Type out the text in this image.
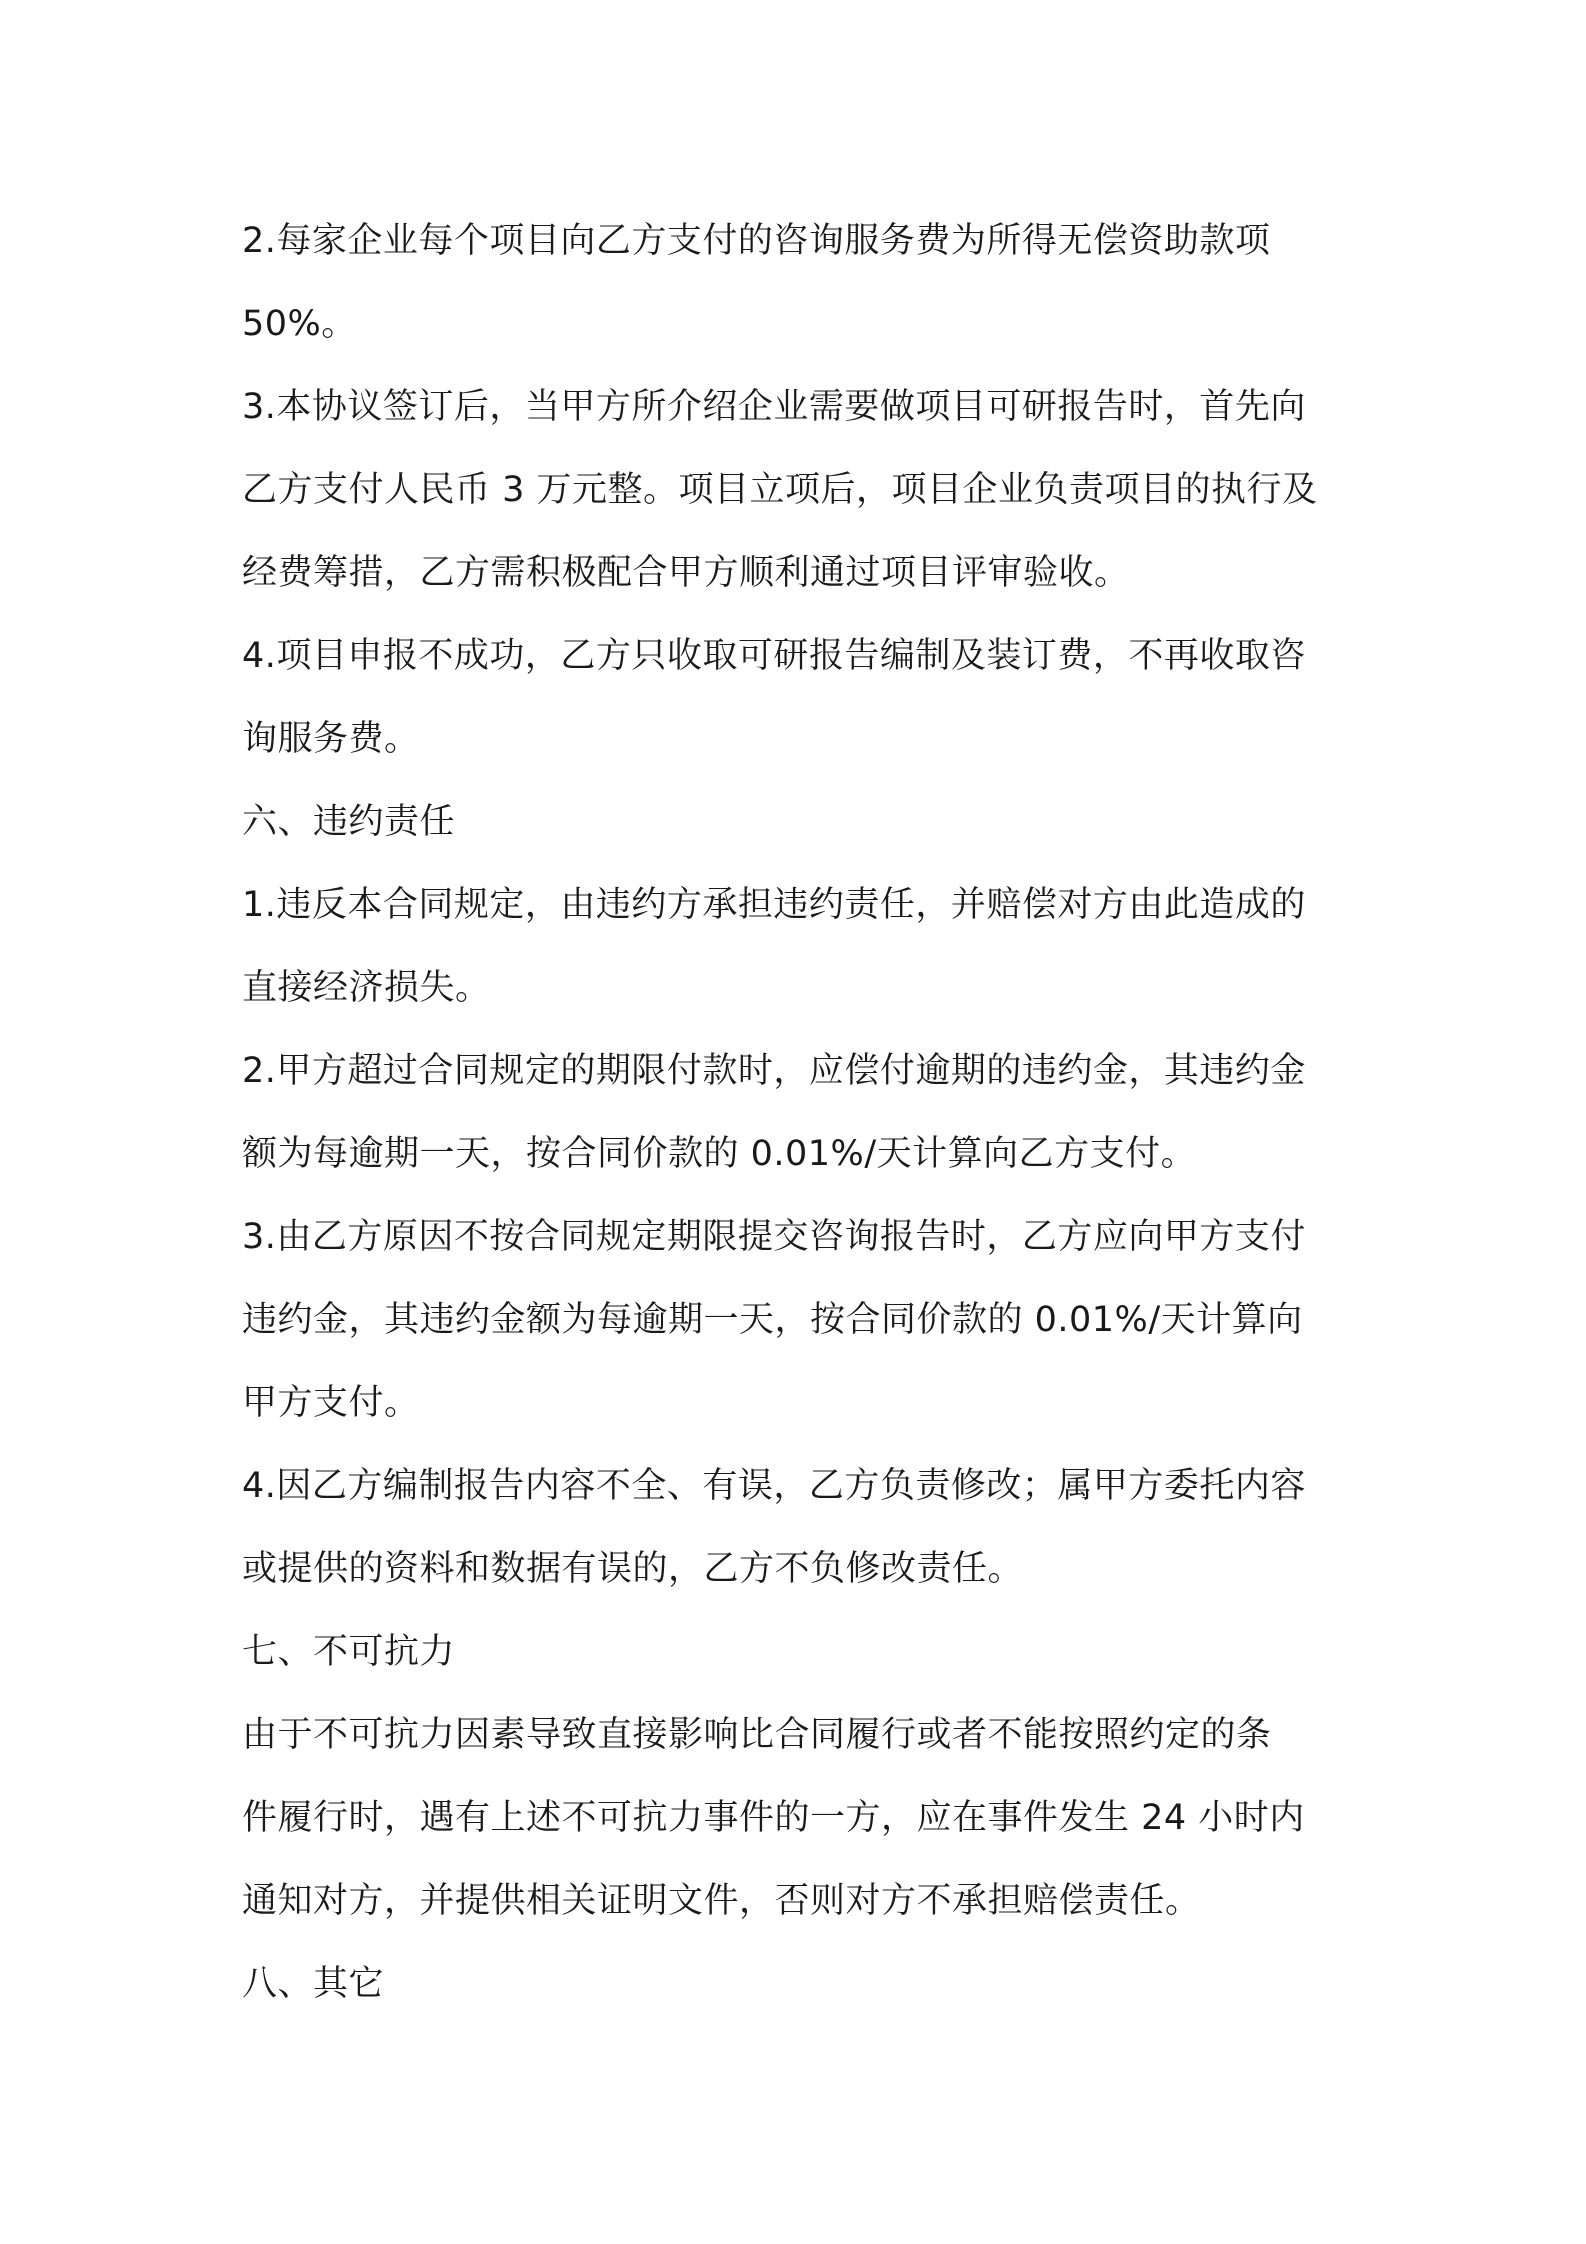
2.每家企业每个项目向乙方支付的咨询服务费为所得无偿资助款项
50%。
3.本协议签订后，当甲方所介绍企业需要做项目可研报告时，首先向
乙方支付人民币 3 万元整。项目立项后，项目企业负责项目的执行及
经费筹措，乙方需积极配合甲方顺利通过项目评审验收。
4.项目申报不成功，乙方只收取可研报告编制及装订费，不再收取咨
询服务费。
六、违约责任
1.违反本合同规定，由违约方承担违约责任，并赔偿对方由此造成的
直接经济损失。
2.甲方超过合同规定的期限付款时，应偿付逾期的违约金，其违约金
额为每逾期一天，按合同价款的 0.01%/天计算向乙方支付。
3.由乙方原因不按合同规定期限提交咨询报告时，乙方应向甲方支付
违约金，其违约金额为每逾期一天，按合同价款的 0.01%/天计算向
甲方支付。
4.因乙方编制报告内容不全、有误，乙方负责修改；属甲方委托内容
或提供的资料和数据有误的，乙方不负修改责任。
七、不可抗力
由于不可抗力因素导致直接影响比合同履行或者不能按照约定的条
件履行时，遇有上述不可抗力事件的一方，应在事件发生 24 小时内
通知对方，并提供相关证明文件，否则对方不承担赔偿责任。
八、其它
